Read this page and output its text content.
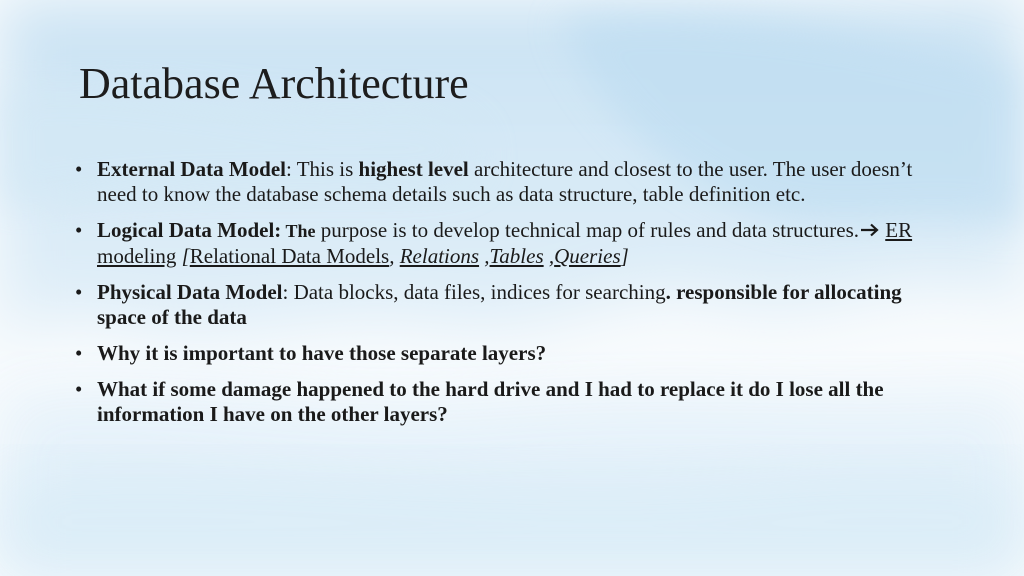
Database Architecture
• External Data Model: This is highest level architecture and closest to the user. The user doesn’t need to know the database schema details such as data structure, table definition etc.
• Logical Data Model: The purpose is to develop technical map of rules and data structures. ER modeling [Relational Data Models, Relations ,Tables ,Queries]
• Physical Data Model: Data blocks, data files, indices for searching. responsible for allocating space of the data
• Why it is important to have those separate layers?
• What if some damage happened to the hard drive and I had to replace it do I lose all the information I have on the other layers?
